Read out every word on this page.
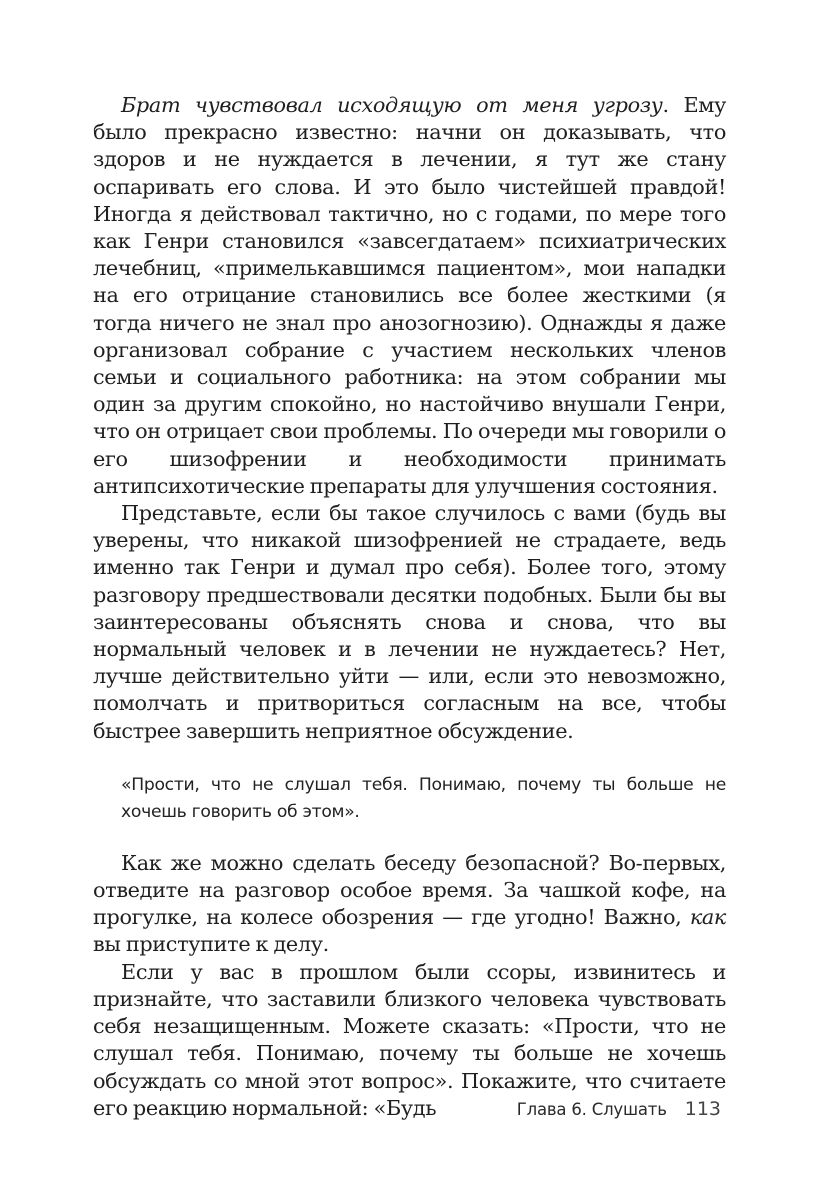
Брат чувствовал исходящую от меня угрозу. Ему было прекрасно известно: начни он доказывать, что здоров и не нуждается в лечении, я тут же стану оспаривать его слова. И это было чистейшей правдой! Иногда я действовал тактично, но с годами, по мере того как Генри становился «завсегдатаем» психиатрических лечебниц, «примелькавшимся пациентом», мои нападки на его отрицание становились все более жесткими (я тогда ничего не знал про анозогнозию). Однажды я даже организовал собрание с участием нескольких членов семьи и социального работника: на этом собрании мы один за другим спокойно, но настойчиво внушали Генри, что он отрицает свои проблемы. По очереди мы говорили о его шизофрении и необходимости принимать антипсихотические препараты для улучшения состояния.

Представьте, если бы такое случилось с вами (будь вы уверены, что никакой шизофренией не страдаете, ведь именно так Генри и думал про себя). Более того, этому разговору предшествовали десятки подобных. Были бы вы заинтересованы объяснять снова и снова, что вы нормальный человек и в лечении не нуждаетесь? Нет, лучше действительно уйти — или, если это невозможно, помолчать и притвориться согласным на все, чтобы быстрее завершить неприятное обсуждение.

«Прости, что не слушал тебя. Понимаю, почему ты больше не хочешь говорить об этом».

Как же можно сделать беседу безопасной? Во-первых, отведите на разговор особое время. За чашкой кофе, на прогулке, на колесе обозрения — где угодно! Важно, как вы приступите к делу.

Если у вас в прошлом были ссоры, извинитесь и признайте, что заставили близкого человека чувствовать себя незащищенным. Можете сказать: «Прости, что не слушал тебя. Понимаю, почему ты больше не хочешь обсуждать со мной этот вопрос». Покажите, что считаете его реакцию нормальной: «Будь	Глава 6. Слушать 113
